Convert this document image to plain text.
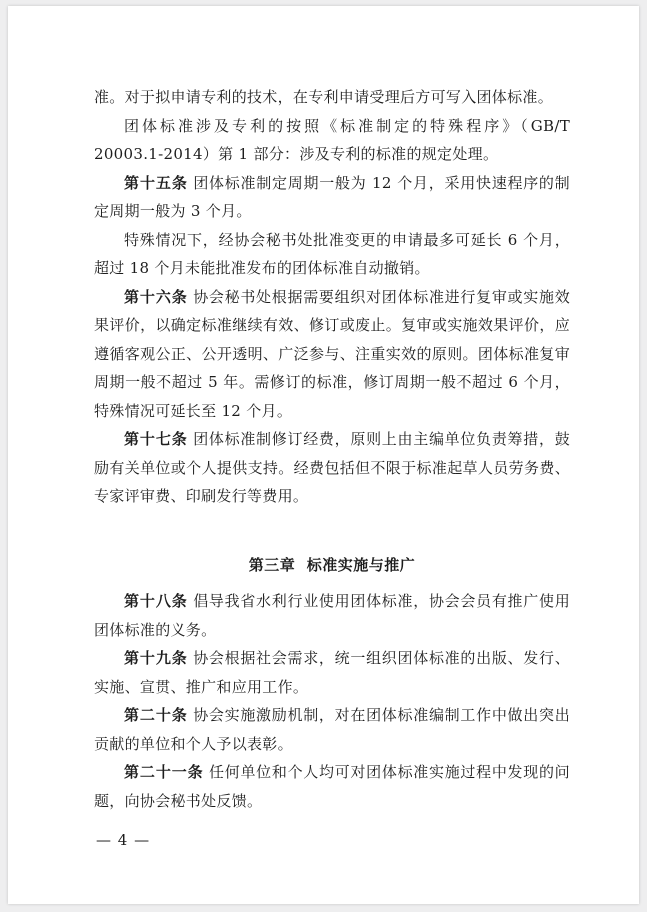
准。对于拟申请专利的技术，在专利申请受理后方可写入团体标准。

团体标准涉及专利的按照《标准制定的特殊程序》（GB/T 20003.1-2014）第 1 部分：涉及专利的标准的规定处理。

第十五条 团体标准制定周期一般为 12 个月，采用快速程序的制定周期一般为 3 个月。

特殊情况下，经协会秘书处批准变更的申请最多可延长 6 个月，超过 18 个月未能批准发布的团体标准自动撤销。

第十六条 协会秘书处根据需要组织对团体标准进行复审或实施效果评价，以确定标准继续有效、修订或废止。复审或实施效果评价，应遵循客观公正、公开透明、广泛参与、注重实效的原则。团体标准复审周期一般不超过 5 年。需修订的标准，修订周期一般不超过 6 个月，特殊情况可延长至 12 个月。

第十七条 团体标准制修订经费，原则上由主编单位负责筹措，鼓励有关单位或个人提供支持。经费包括但不限于标准起草人员劳务费、专家评审费、印刷发行等费用。

第三章  标准实施与推广

第十八条 倡导我省水利行业使用团体标准，协会会员有推广使用团体标准的义务。

第十九条 协会根据社会需求，统一组织团体标准的出版、发行、实施、宣贯、推广和应用工作。

第二十条 协会实施激励机制，对在团体标准编制工作中做出突出贡献的单位和个人予以表彰。

第二十一条 任何单位和个人均可对团体标准实施过程中发现的问题，向协会秘书处反馈。

— 4 —
